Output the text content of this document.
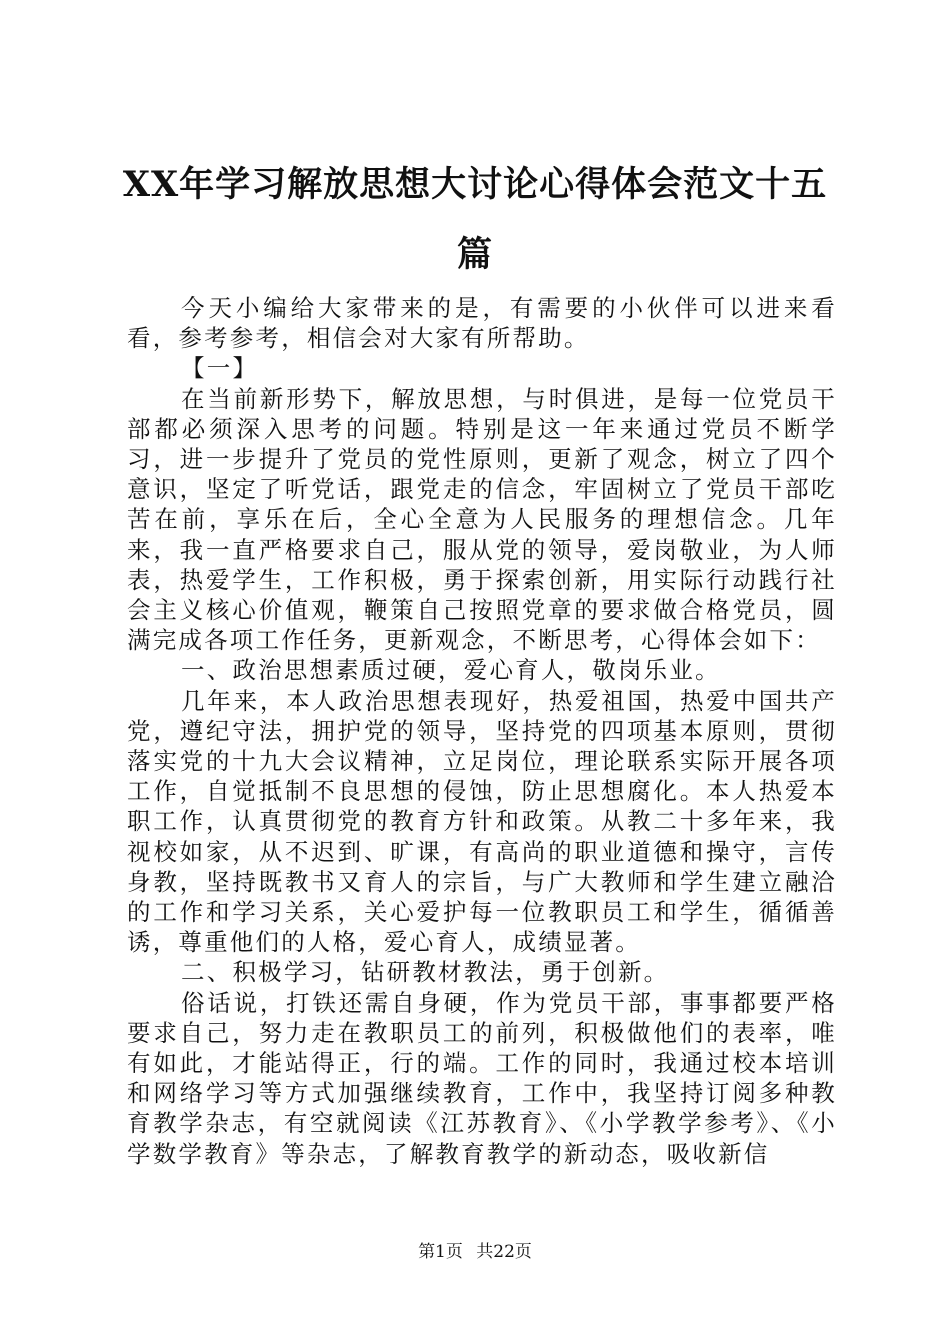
XX年学习解放思想大讨论心得体会范文十五篇

今天小编给大家带来的是，有需要的小伙伴可以进来看看，参考参考，相信会对大家有所帮助。

【一】

在当前新形势下，解放思想，与时俱进，是每一位党员干部都必须深入思考的问题。特别是这一年来通过党员不断学习，进一步提升了党员的党性原则，更新了观念，树立了四个意识，坚定了听党话，跟党走的信念，牢固树立了党员干部吃苦在前，享乐在后，全心全意为人民服务的理想信念。几年来，我一直严格要求自己，服从党的领导，爱岗敬业，为人师表，热爱学生，工作积极，勇于探索创新，用实际行动践行社会主义核心价值观，鞭策自己按照党章的要求做合格党员，圆满完成各项工作任务，更新观念，不断思考，心得体会如下：

一、政治思想素质过硬，爱心育人，敬岗乐业。

几年来，本人政治思想表现好，热爱祖国，热爱中国共产党，遵纪守法，拥护党的领导，坚持党的四项基本原则，贯彻落实党的十九大会议精神，立足岗位，理论联系实际开展各项工作，自觉抵制不良思想的侵蚀，防止思想腐化。本人热爱本职工作，认真贯彻党的教育方针和政策。从教二十多年来，我视校如家，从不迟到、旷课，有高尚的职业道德和操守，言传身教，坚持既教书又育人的宗旨，与广大教师和学生建立融洽的工作和学习关系，关心爱护每一位教职员工和学生，循循善诱，尊重他们的人格，爱心育人，成绩显著。

二、积极学习，钻研教材教法，勇于创新。

俗话说，打铁还需自身硬，作为党员干部，事事都要严格要求自己，努力走在教职员工的前列，积极做他们的表率，唯有如此，才能站得正，行的端。工作的同时，我通过校本培训和网络学习等方式加强继续教育，工作中，我坚持订阅多种教育教学杂志，有空就阅读《江苏教育》、《小学教学参考》、《小学数学教育》等杂志，了解教育教学的新动态，吸收新信

第1页 共22页
